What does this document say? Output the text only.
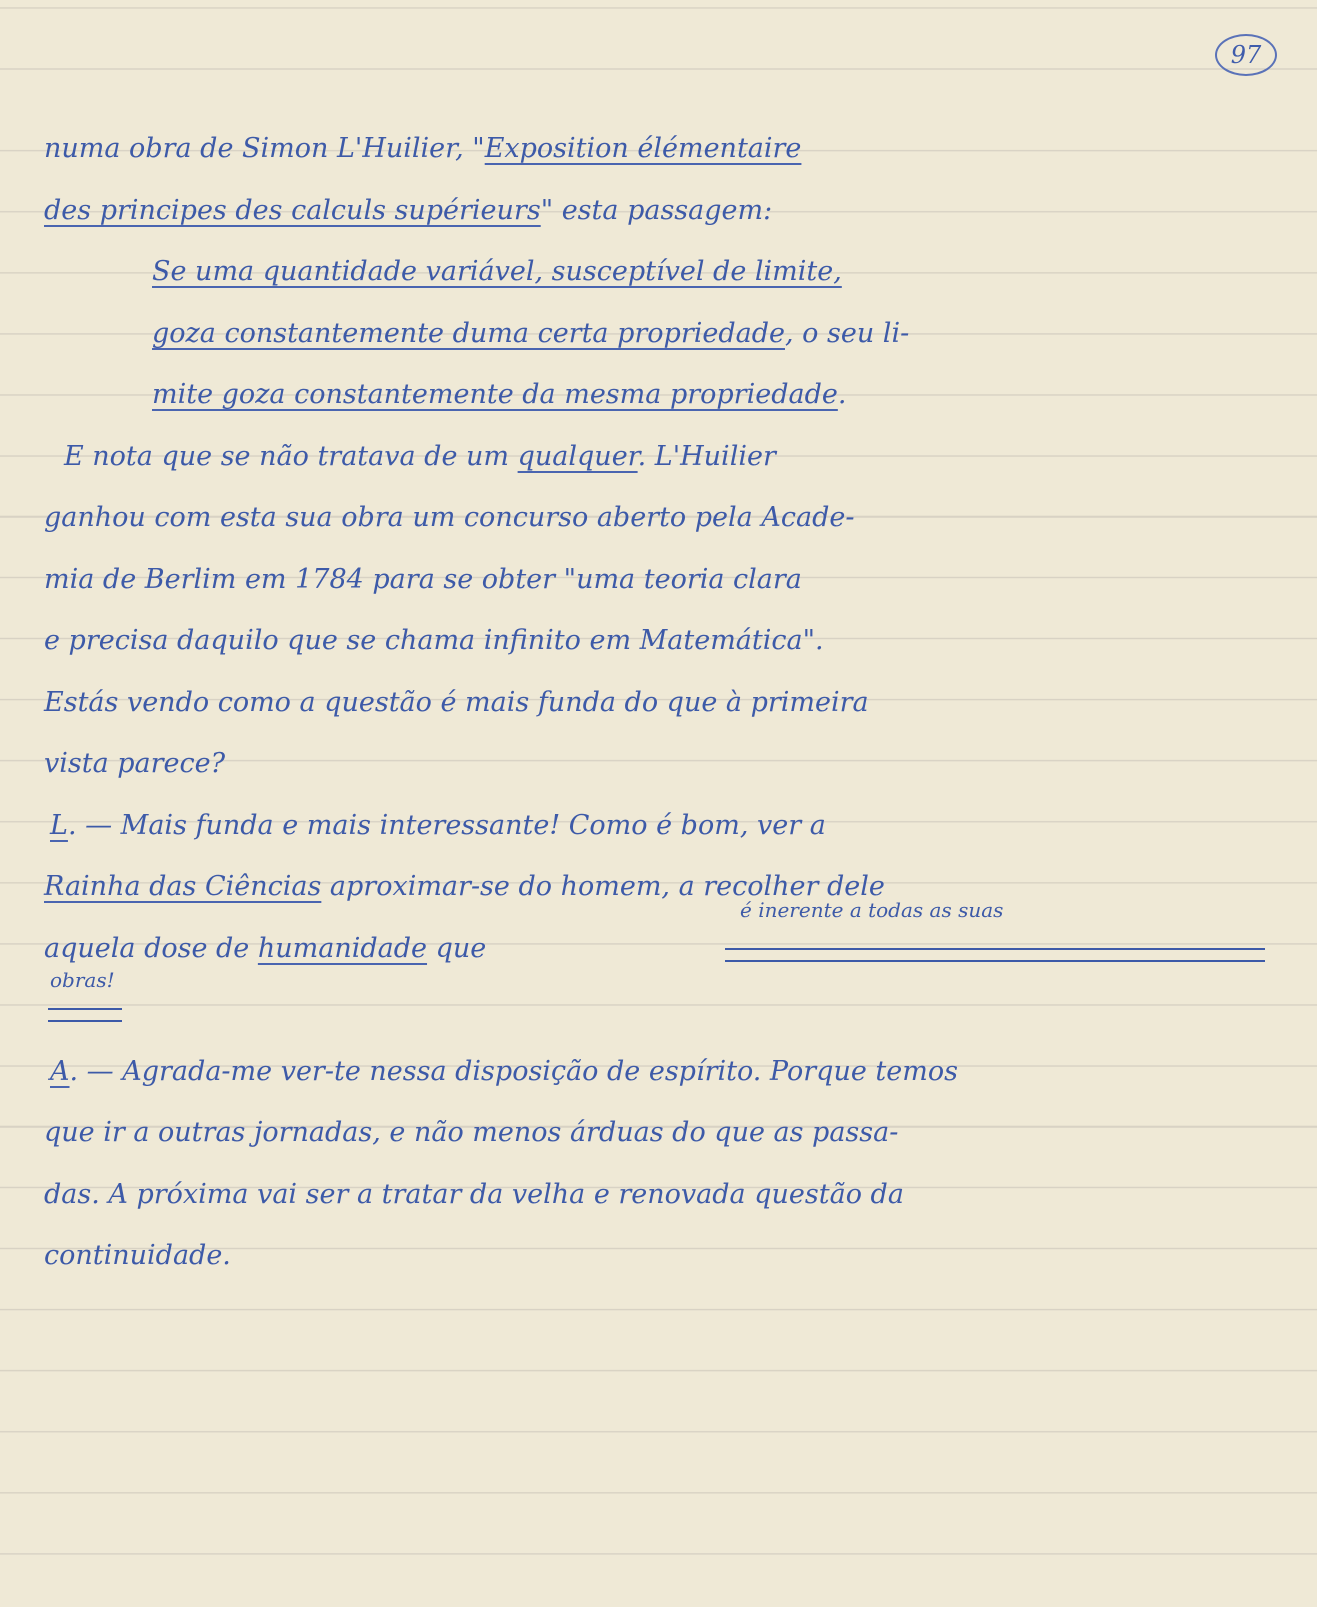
97
numa obra de Simon L'Huilier, "Exposition élémentaire
des principes des calculs supérieurs" esta passagem:
Se uma quantidade variável, susceptível de limite,
goza constantemente duma certa propriedade, o seu li-
mite goza constantemente da mesma propriedade.
E nota que se não tratava de um qualquer. L'Huilier
ganhou com esta sua obra um concurso aberto pela Acade-
mia de Berlim em 1784 para se obter "uma teoria clara
e precisa daquilo que se chama infinito em Matemática".
Estás vendo como a questão é mais funda do que à primeira
vista parece?
L. — Mais funda e mais interessante! Como é bom, ver a
Rainha das Ciências aproximar-se do homem, a recolher dele
aquela dose de humanidade que
A. — Agrada-me ver-te nessa disposição de espírito. Porque temos
que ir a outras jornadas, e não menos árduas do que as passa-
das. A próxima vai ser a tratar da velha e renovada questão da
continuidade.
é inerente a todas as suas
obras!
